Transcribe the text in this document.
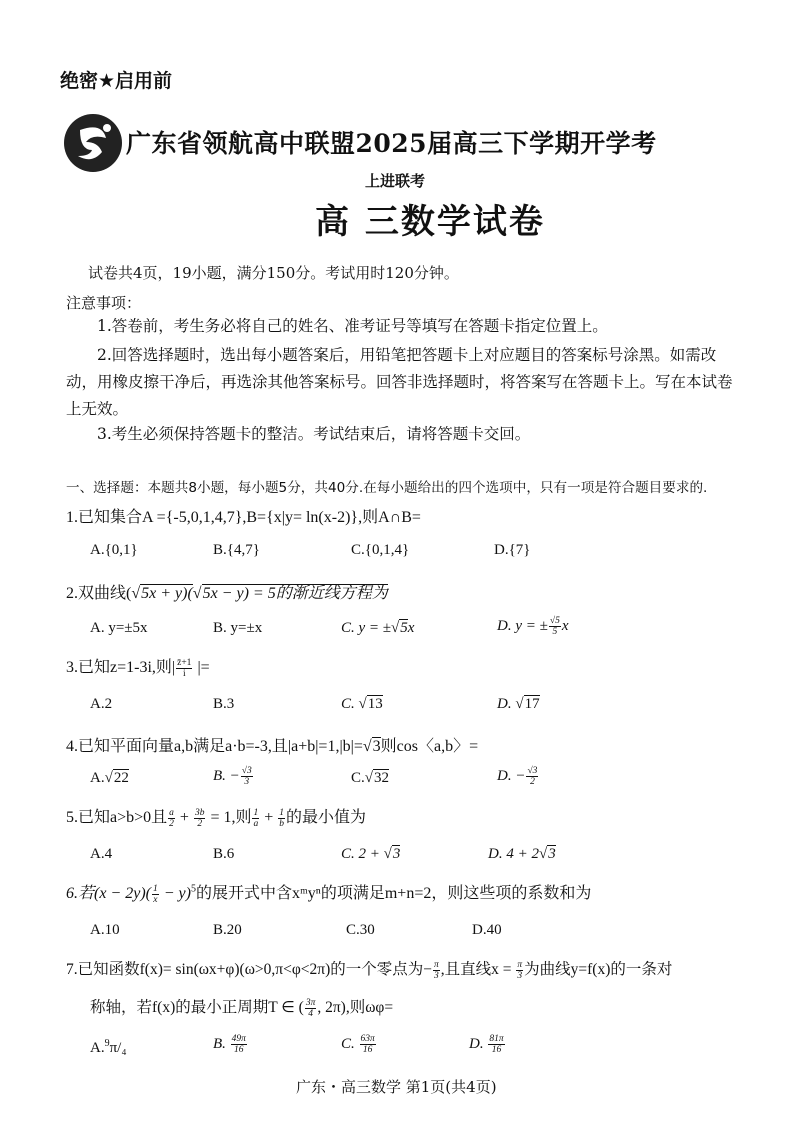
绝密★启用前
广东省领航高中联盟2025届高三下学期开学考
上进联考
高 三数学试卷
试卷共4页，19小题，满分150分。考试用时120分钟。
注意事项：
1.答卷前，考生务必将自己的姓名、准考证号等填写在答题卡指定位置上。
2.回答选择题时，选出每小题答案后，用铅笔把答题卡上对应题目的答案标号涂黑。如需改动，用橡皮擦干净后，再选涂其他答案标号。回答非选择题时，将答案写在答题卡上。写在本试卷上无效。
3.考生必须保持答题卡的整洁。考试结束后，请将答题卡交回。
一、选择题：本题共8小题，每小题5分，共40分.在每小题给出的四个选项中，只有一项是符合题目要求的.
1.已知集合A ={-5,0,1,4,7},B={x|y= ln(x-2)},则A∩B=
A.{0,1}	B.{4,7}	C.{0,1,4}	D.{7}
2.双曲线(√5x + y)(√5x − y) = 5的渐近线方程为
A. y=±5x	B. y=±x	C. y = ±√5x	D. y = ± $\frac{√5}{5}$ x
3.已知z=1-3i,则| $\frac{z̄+1}{i}$ |=
A.2	B.3	C. √13	D. √17
4.已知平面向量a,b满足a·b=-3,且|a+b|=1,|b|=√3则cos〈a,b〉=
A.√22	B. − $\frac{√3}{3}$	C.√32	D. − $\frac{√3}{2}$
5.已知a>b>0且 $\frac{a}{2} + \frac{3b}{2} = 1$,则 $\frac{1}{a} + \frac{1}{b}$ 的最小值为
A.4	B.6	C. 2 + √3	D. 4 + 2√3
6.若$(x - 2y)( \frac{1}{x} - y)^5$的展开式中含xᵐyⁿ的项满足m+n=2，则这些项的系数和为
A.10	B.20	C.30	D.40
7.已知函数f(x)= sin(ωx+φ)(ω>0,π<φ<2π)的一个零点为− $\frac{\pi}{3}$ ,且直线$x = \frac{\pi}{3}$ 为曲线y=f(x)的一条对
称轴，若f(x)的最小正周期T ∈ ( $\frac{3\pi}{4}$ , 2π),则ωφ=
A.$^9$π/₄	B. $\frac{49\pi}{16}$	C. $\frac{63\pi}{16}$	D. $\frac{81\pi}{16}$
广东・高三数学 第1页(共4页)
